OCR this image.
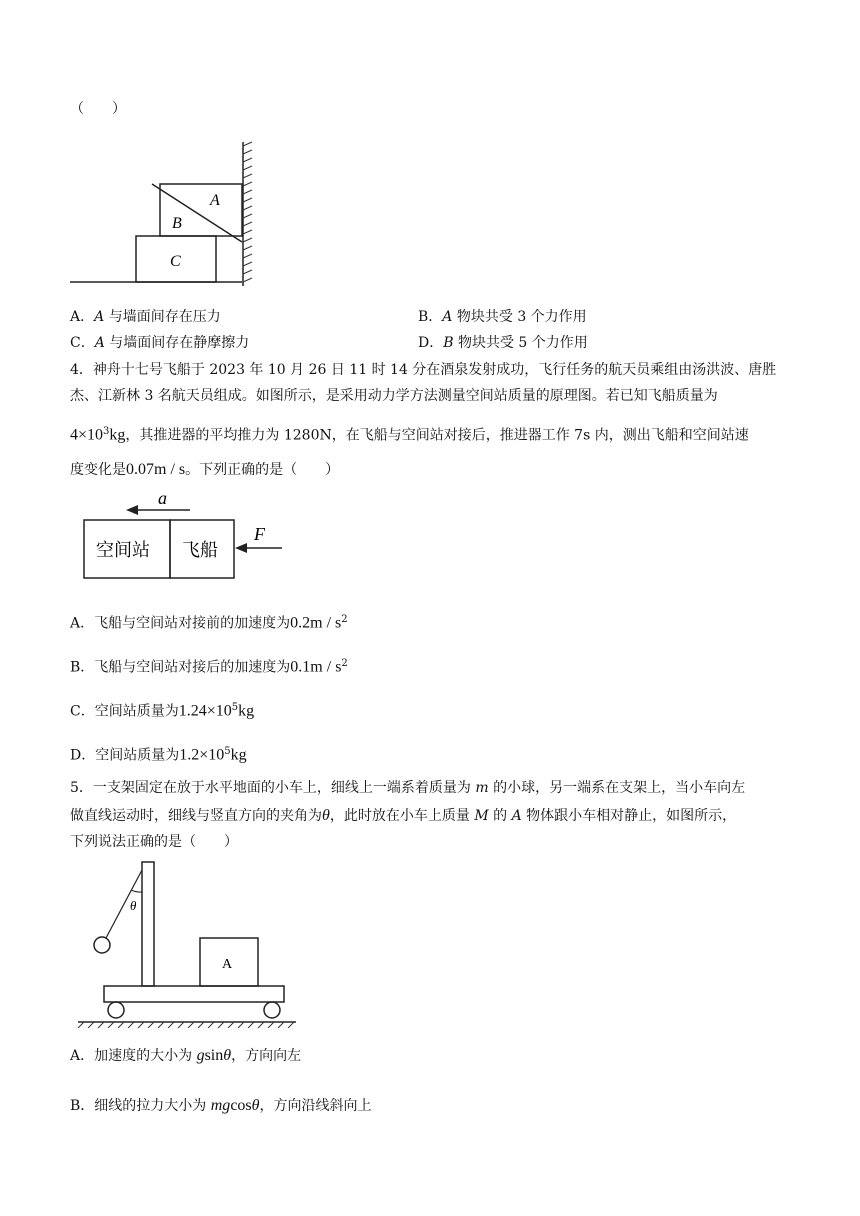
（　　）
A
B
C
A．A 与墙面间存在压力	B．A 物块共受 3 个力作用
C．A 与墙面间存在静摩擦力	D．B 物块共受 5 个力作用
4．神舟十七号飞船于 2023 年 10 月 26 日 11 时 14 分在酒泉发射成功，飞行任务的航天员乘组由汤洪波、唐胜
杰、江新林 3 名航天员组成。如图所示，是采用动力学方法测量空间站质量的原理图。若已知飞船质量为
$4\times 10^3kg$，其推进器的平均推力为 1280N，在飞船与空间站对接后，推进器工作 7s 内，测出飞船和空间站速
度变化是0.07m / s。下列正确的是（　　）
a
空间站 飞船
F
A．飞船与空间站对接前的加速度为$0.2m / s^2$
B．飞船与空间站对接后的加速度为$0.1m / s^2$
C．空间站质量为$1.24\times 10^5kg$
D．空间站质量为$1.2\times 10^5kg$
5．一支架固定在放于水平地面的小车上，细线上一端系着质量为 m 的小球，另一端系在支架上，当小车向左
做直线运动时，细线与竖直方向的夹角为θ，此时放在小车上质量 M 的 A 物体跟小车相对静止，如图所示，
下列说法正确的是（　　）
θ
A
A．加速度的大小为 gsinθ，方向向左
B．细线的拉力大小为 mgcosθ，方向沿线斜向上
